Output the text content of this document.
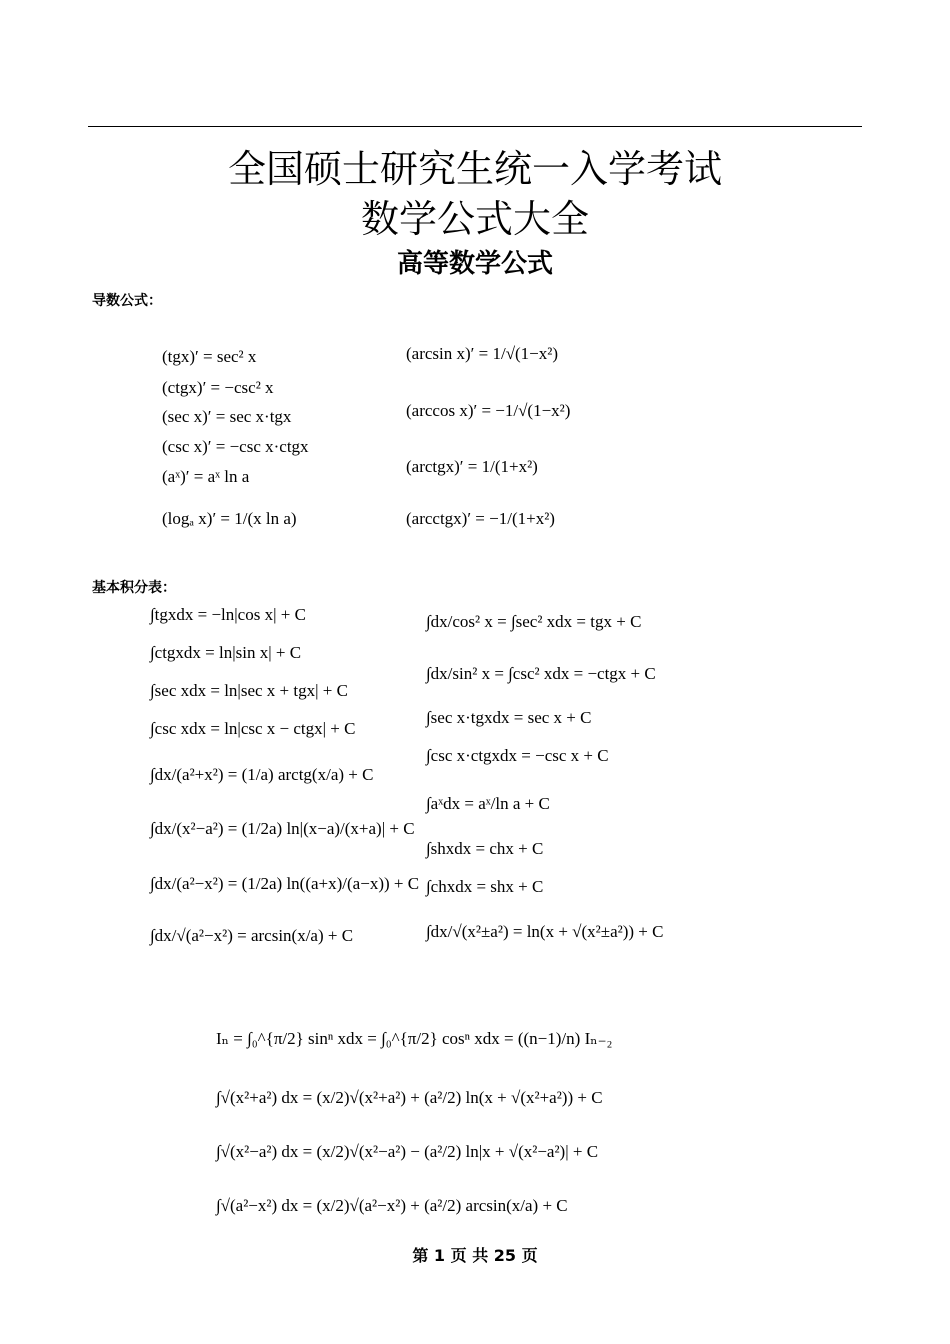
全国硕士研究生统一入学考试
数学公式大全
高等数学公式
导数公式：
(tgx)′ = sec² x
(ctgx)′ = −csc² x
(sec x)′ = sec x·tgx
(csc x)′ = −csc x·ctgx
(aˣ)′ = aˣ ln a
(logₐ x)′ = 1/(x ln a)
(arcsin x)′ = 1/√(1−x²)
(arccos x)′ = −1/√(1−x²)
(arctgx)′ = 1/(1+x²)
(arcctgx)′ = −1/(1+x²)
基本积分表：
∫tgxdx = −ln|cos x| + C
∫ctgxdx = ln|sin x| + C
∫sec xdx = ln|sec x + tgx| + C
∫csc xdx = ln|csc x − ctgx| + C
∫dx/(a²+x²) = (1/a) arctg(x/a) + C
∫dx/(x²−a²) = (1/2a) ln|(x−a)/(x+a)| + C
∫dx/(a²−x²) = (1/2a) ln((a+x)/(a−x)) + C
∫dx/√(a²−x²) = arcsin(x/a) + C
∫dx/cos² x = ∫sec² xdx = tgx + C
∫dx/sin² x = ∫csc² xdx = −ctgx + C
∫sec x·tgxdx = sec x + C
∫csc x·ctgxdx = −csc x + C
∫aˣdx = aˣ/ln a + C
∫shxdx = chx + C
∫chxdx = shx + C
∫dx/√(x²±a²) = ln(x + √(x²±a²)) + C
Iₙ = ∫₀^{π/2} sinⁿ xdx = ∫₀^{π/2} cosⁿ xdx = ((n−1)/n) Iₙ₋₂
∫√(x²+a²) dx = (x/2)√(x²+a²) + (a²/2) ln(x + √(x²+a²)) + C
∫√(x²−a²) dx = (x/2)√(x²−a²) − (a²/2) ln|x + √(x²−a²)| + C
∫√(a²−x²) dx = (x/2)√(a²−x²) + (a²/2) arcsin(x/a) + C
第 1 页 共 25 页
